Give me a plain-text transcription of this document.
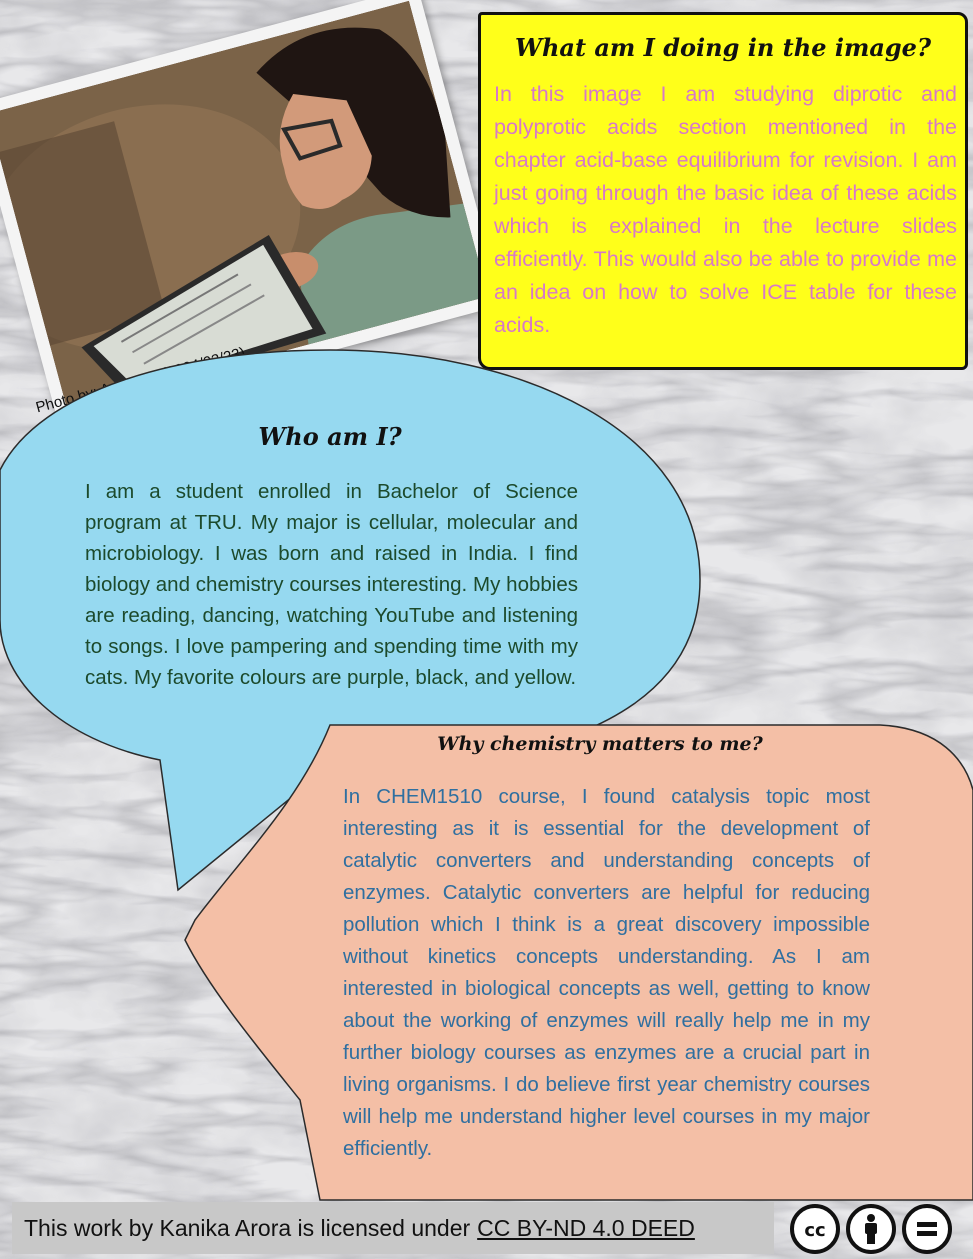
What am I doing in the image?
In this image I am studying diprotic and polyprotic acids section mentioned in the chapter acid-base equilibrium for revision. I am just going through the basic idea of these acids which is explained in the lecture slides efficiently. This would also be able to provide me an idea on how to solve ICE table for these acids.
Who am I?
I am a student enrolled in Bachelor of Science program at TRU. My major is cellular, molecular and microbiology. I was born and raised in India. I find biology and chemistry courses interesting. My hobbies are reading, dancing, watching YouTube and listening to songs. I love pampering and spending time with my cats. My favorite colours are purple, black, and yellow.
Why chemistry matters to me?
In CHEM1510 course, I found catalysis topic most interesting as it is essential for the development of catalytic converters and understanding concepts of enzymes. Catalytic converters are helpful for reducing pollution which I think is a great discovery impossible without kinetics concepts understanding. As I am interested in biological concepts as well, getting to know about the working of enzymes will really help me in my further biology courses as enzymes are a crucial part in living organisms. I do believe first year chemistry courses will help me understand higher level courses in my major efficiently.
This work by Kanika Arora is licensed under CC BY-ND 4.0 DEED	cc
